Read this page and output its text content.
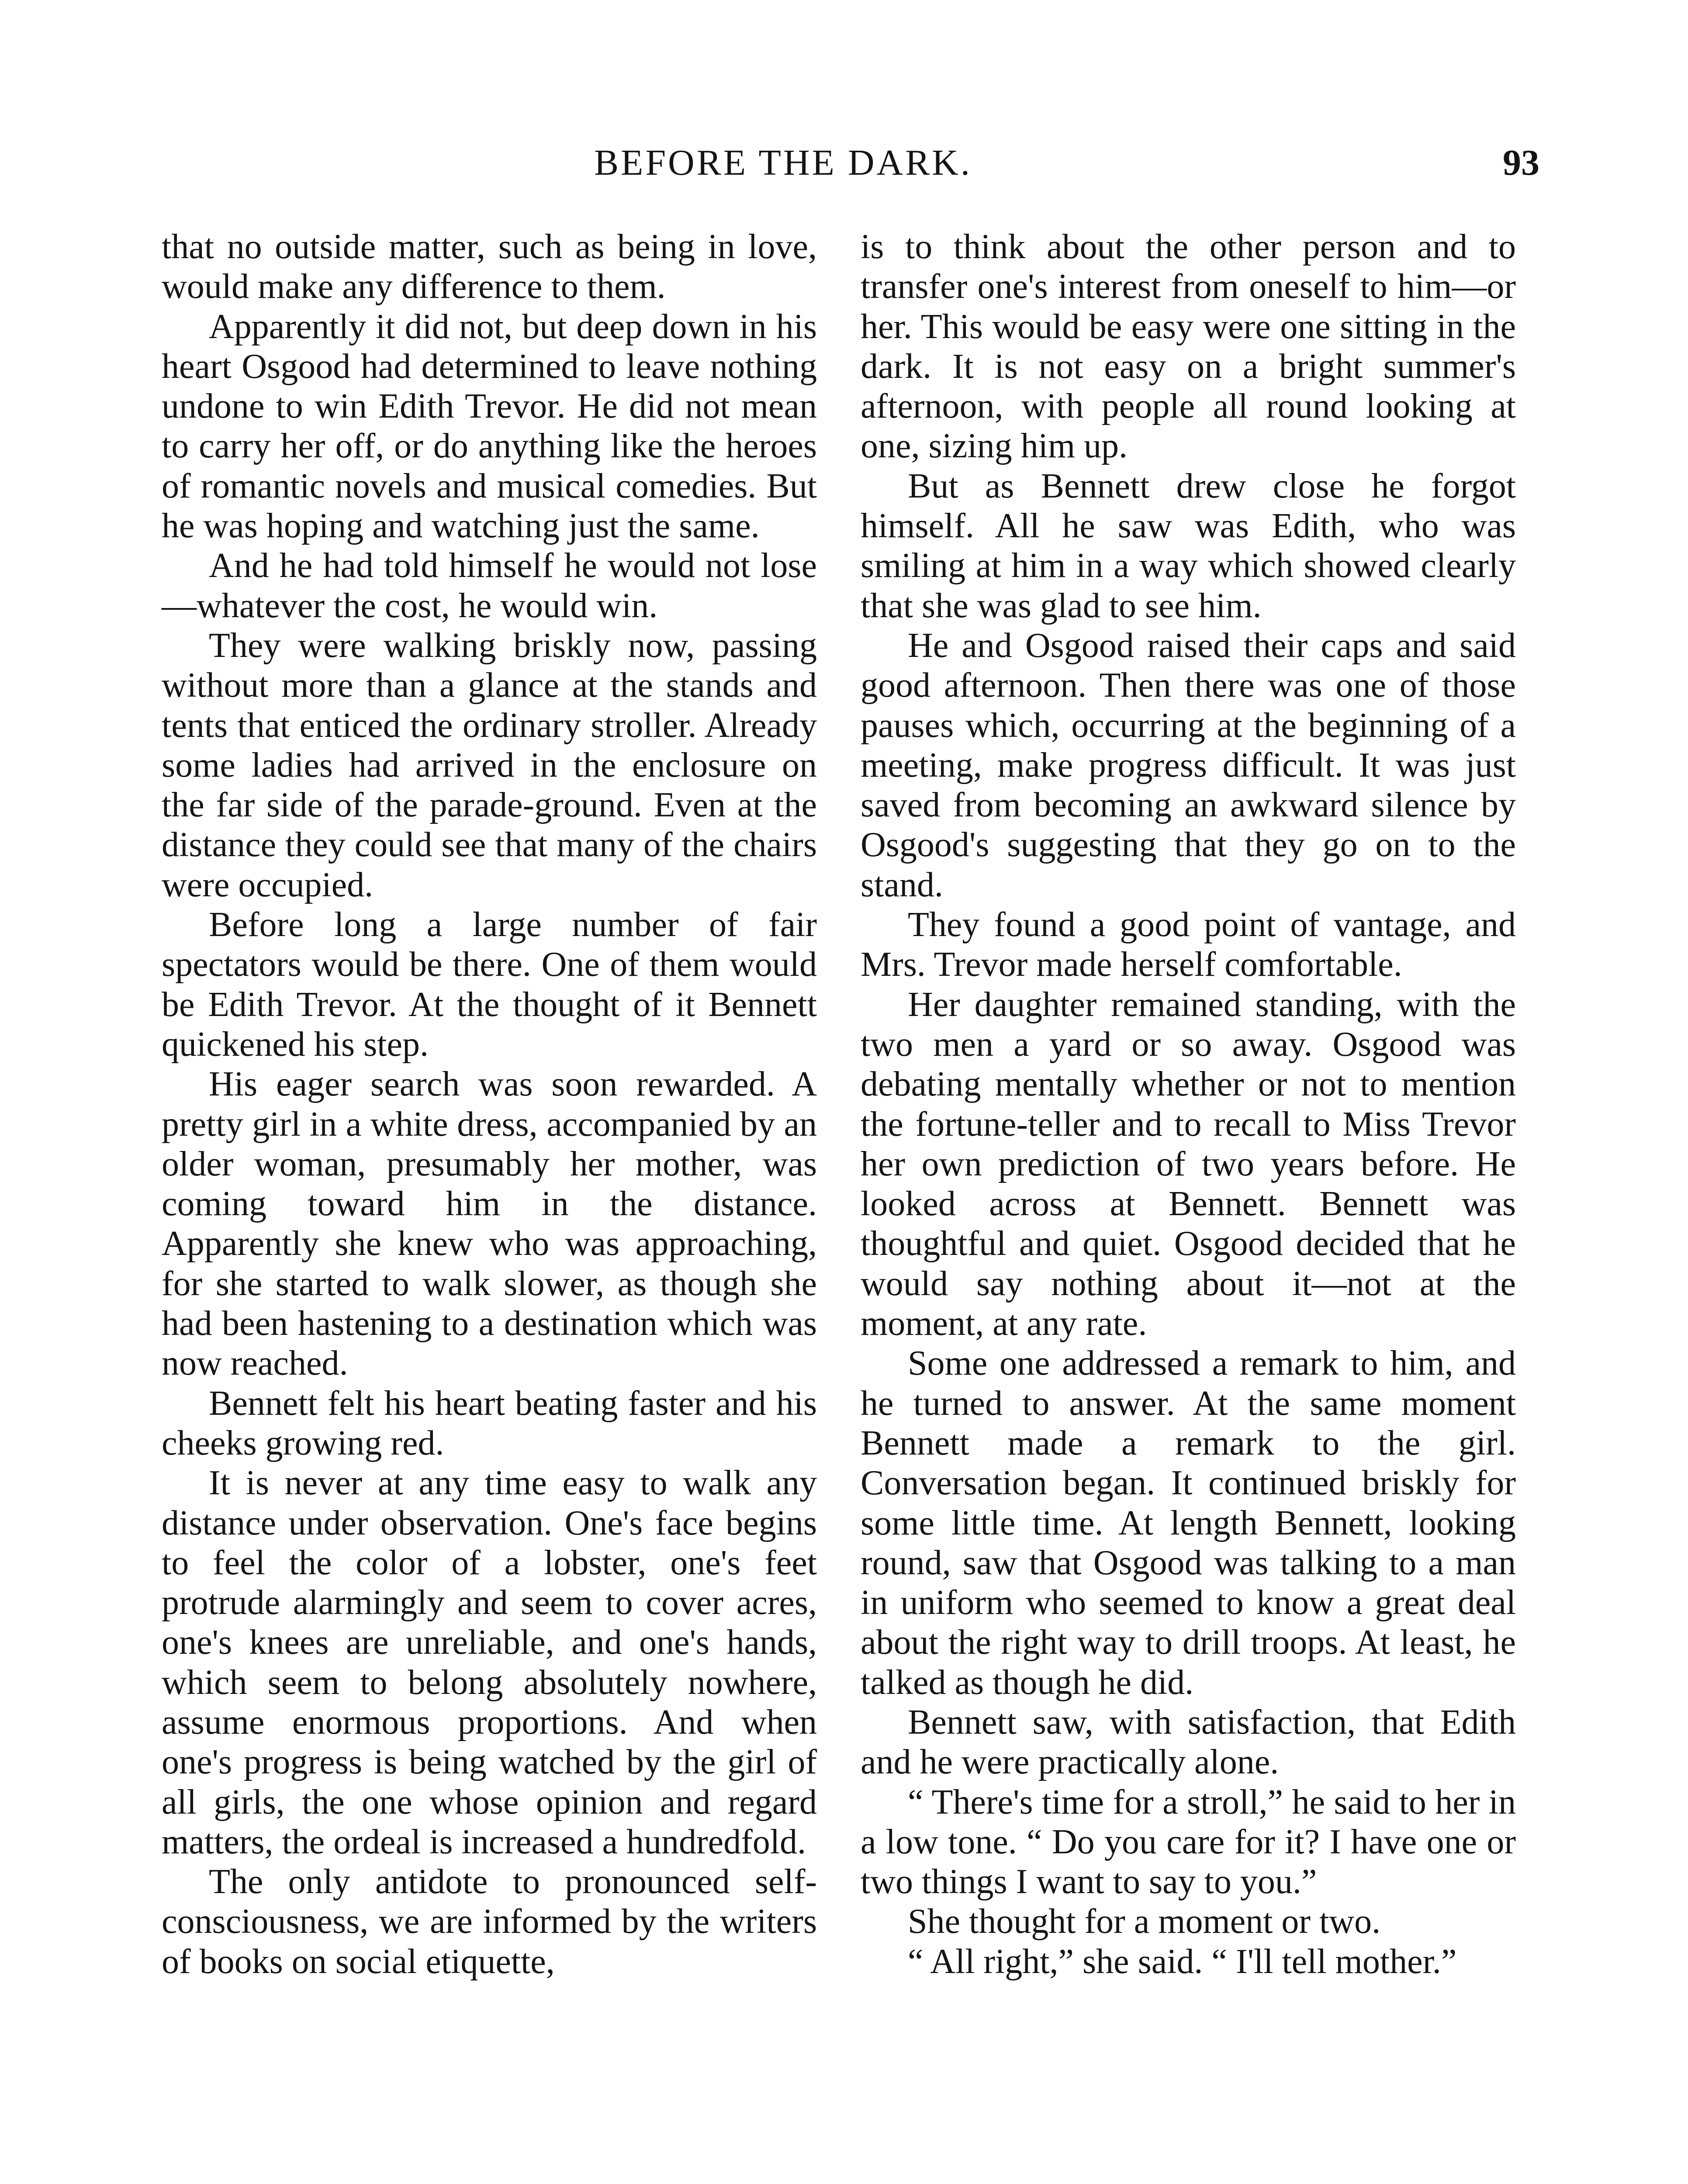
BEFORE THE DARK.	93

that no outside matter, such as being in love, would make any difference to them.

Apparently it did not, but deep down in his heart Osgood had determined to leave nothing undone to win Edith Trevor. He did not mean to carry her off, or do anything like the heroes of romantic novels and musical comedies. But he was hoping and watching just the same.

And he had told himself he would not lose—whatever the cost, he would win.

They were walking briskly now, passing without more than a glance at the stands and tents that enticed the ordinary stroller. Already some ladies had arrived in the enclosure on the far side of the parade-ground. Even at the distance they could see that many of the chairs were occupied.

Before long a large number of fair spectators would be there. One of them would be Edith Trevor. At the thought of it Bennett quickened his step.

His eager search was soon rewarded. A pretty girl in a white dress, accompanied by an older woman, presumably her mother, was coming toward him in the distance. Apparently she knew who was approaching, for she started to walk slower, as though she had been hastening to a destination which was now reached.

Bennett felt his heart beating faster and his cheeks growing red.

It is never at any time easy to walk any distance under observation. One's face begins to feel the color of a lobster, one's feet protrude alarmingly and seem to cover acres, one's knees are unreliable, and one's hands, which seem to belong absolutely nowhere, assume enormous proportions. And when one's progress is being watched by the girl of all girls, the one whose opinion and regard matters, the ordeal is increased a hundredfold.

The only antidote to pronounced self-consciousness, we are informed by the writers of books on social etiquette,

is to think about the other person and to transfer one's interest from oneself to him—or her. This would be easy were one sitting in the dark. It is not easy on a bright summer's afternoon, with people all round looking at one, sizing him up.

But as Bennett drew close he forgot himself. All he saw was Edith, who was smiling at him in a way which showed clearly that she was glad to see him.

He and Osgood raised their caps and said good afternoon. Then there was one of those pauses which, occurring at the beginning of a meeting, make progress difficult. It was just saved from becoming an awkward silence by Osgood's suggesting that they go on to the stand.

They found a good point of vantage, and Mrs. Trevor made herself comfortable.

Her daughter remained standing, with the two men a yard or so away. Osgood was debating mentally whether or not to mention the fortune-teller and to recall to Miss Trevor her own prediction of two years before. He looked across at Bennett. Bennett was thoughtful and quiet. Osgood decided that he would say nothing about it—not at the moment, at any rate.

Some one addressed a remark to him, and he turned to answer. At the same moment Bennett made a remark to the girl. Conversation began. It continued briskly for some little time. At length Bennett, looking round, saw that Osgood was talking to a man in uniform who seemed to know a great deal about the right way to drill troops. At least, he talked as though he did.

Bennett saw, with satisfaction, that Edith and he were practically alone.

“ There's time for a stroll,” he said to her in a low tone. “ Do you care for it? I have one or two things I want to say to you.”

She thought for a moment or two.

“ All right,” she said. “ I'll tell mother.”
